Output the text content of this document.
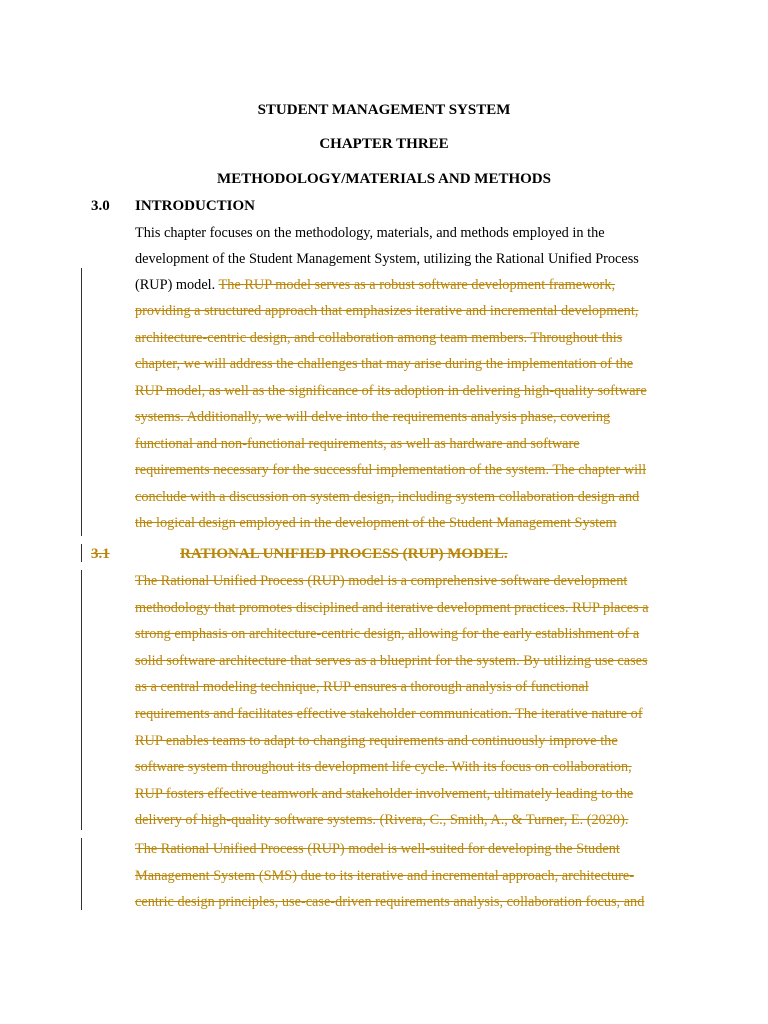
STUDENT MANAGEMENT SYSTEM
CHAPTER THREE
METHODOLOGY/MATERIALS AND METHODS
3.0 INTRODUCTION
This chapter focuses on the methodology, materials, and methods employed in the
development of the Student Management System, utilizing the Rational Unified Process
(RUP) model. The RUP model serves as a robust software development framework,
providing a structured approach that emphasizes iterative and incremental development,
architecture-centric design, and collaboration among team members. Throughout this
chapter, we will address the challenges that may arise during the implementation of the
RUP model, as well as the significance of its adoption in delivering high-quality software
systems. Additionally, we will delve into the requirements analysis phase, covering
functional and non-functional requirements, as well as hardware and software
requirements necessary for the successful implementation of the system. The chapter will
conclude with a discussion on system design, including system collaboration design and
the logical design employed in the development of the Student Management System
3.1	RATIONAL UNIFIED PROCESS (RUP) MODEL.
The Rational Unified Process (RUP) model is a comprehensive software development
methodology that promotes disciplined and iterative development practices. RUP places a
strong emphasis on architecture-centric design, allowing for the early establishment of a
solid software architecture that serves as a blueprint for the system. By utilizing use cases
as a central modeling technique, RUP ensures a thorough analysis of functional
requirements and facilitates effective stakeholder communication. The iterative nature of
RUP enables teams to adapt to changing requirements and continuously improve the
software system throughout its development life cycle. With its focus on collaboration,
RUP fosters effective teamwork and stakeholder involvement, ultimately leading to the
delivery of high-quality software systems. (Rivera, C., Smith, A., & Turner, E. (2020).
The Rational Unified Process (RUP) model is well-suited for developing the Student
Management System (SMS) due to its iterative and incremental approach, architecture-
centric design principles, use-case-driven requirements analysis, collaboration focus, and
